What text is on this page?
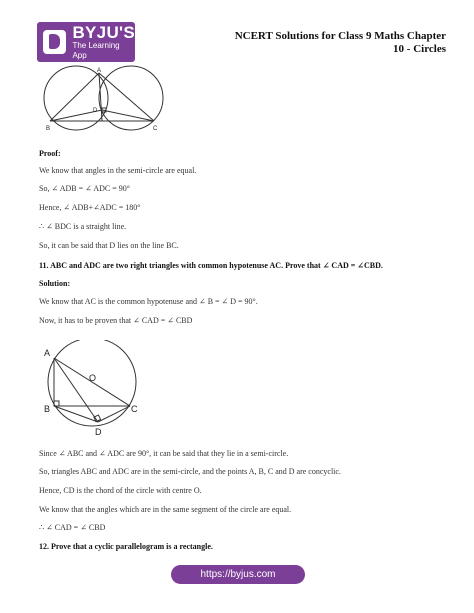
BYJU'S
The Learning App
NCERT Solutions for Class 9 Maths Chapter 10 - Circles
A
B	C
D
Proof:
We know that angles in the semi-circle are equal.
So, ∠ ADB = ∠ ADC = 90°
Hence, ∠ ADB+∠ADC = 180°
∴ ∠ BDC is a straight line.
So, it can be said that D lies on the line BC.
11. ABC and ADC are two right triangles with common hypotenuse AC. Prove that ∠ CAD = ∠CBD.
Solution:
We know that AC is the common hypotenuse and ∠ B = ∠ D = 90°.
Now, it has to be proven that ∠ CAD = ∠ CBD
A
B	C
D
O
Since ∠ ABC and ∠ ADC are 90°, it can be said that they lie in a semi-circle.
So, triangles ABC and ADC are in the semi-circle, and the points A, B, C and D are concyclic.
Hence, CD is the chord of the circle with centre O.
We know that the angles which are in the same segment of the circle are equal.
∴ ∠ CAD = ∠ CBD
12. Prove that a cyclic parallelogram is a rectangle.
https://byjus.com
